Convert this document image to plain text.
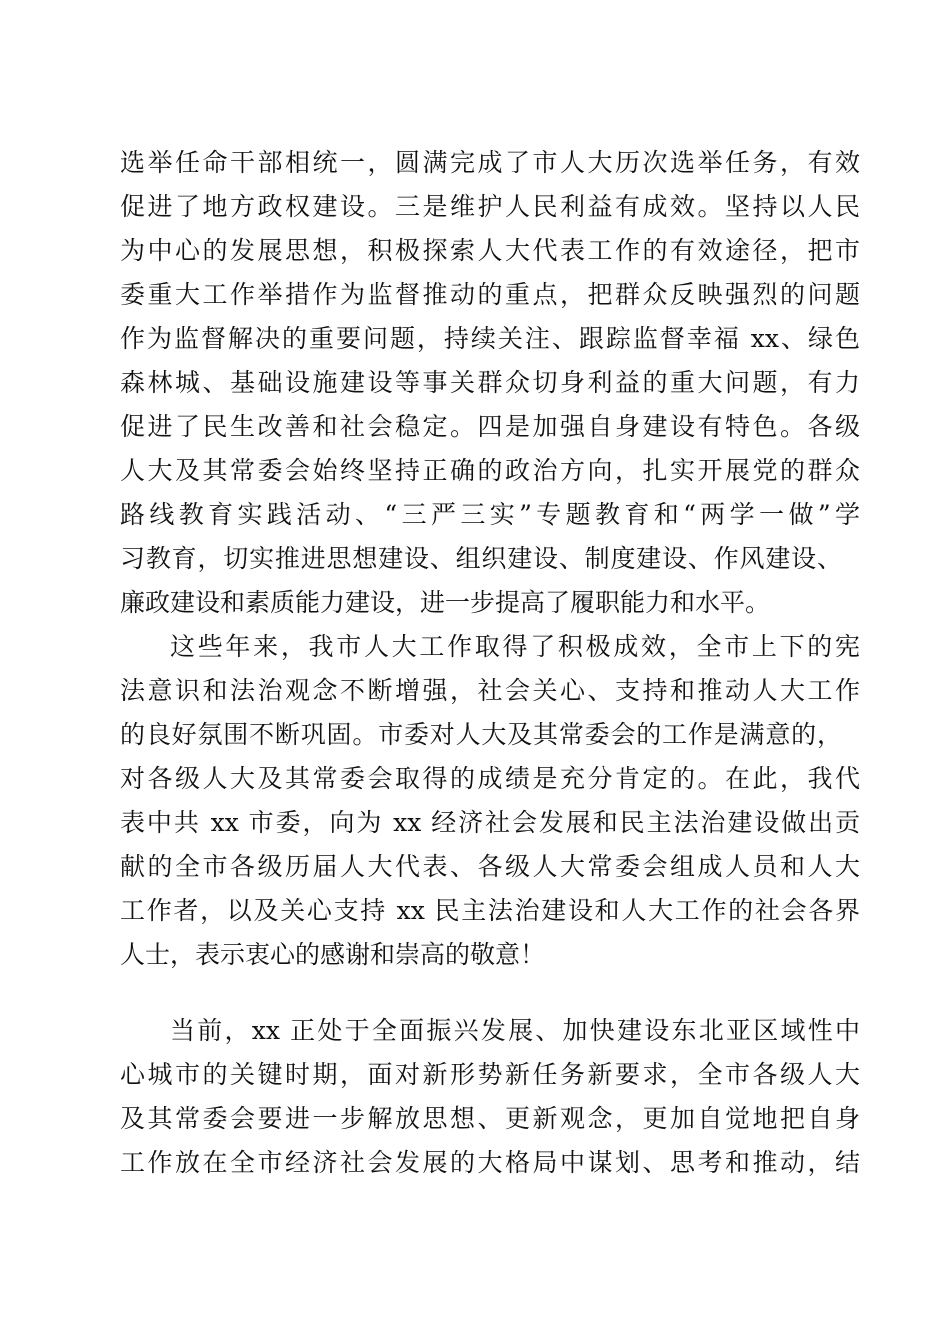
选举任命干部相统一，圆满完成了市人大历次选举任务，有效
促进了地方政权建设。三是维护人民利益有成效。坚持以人民
为中心的发展思想，积极探索人大代表工作的有效途径，把市
委重大工作举措作为监督推动的重点，把群众反映强烈的问题
作为监督解决的重要问题，持续关注、跟踪监督幸福 xx、绿色
森林城、基础设施建设等事关群众切身利益的重大问题，有力
促进了民生改善和社会稳定。四是加强自身建设有特色。各级
人大及其常委会始终坚持正确的政治方向，扎实开展党的群众
路线教育实践活动、“三严三实”专题教育和“两学一做”学
习教育，切实推进思想建设、组织建设、制度建设、作风建设、
廉政建设和素质能力建设，进一步提高了履职能力和水平。
这些年来，我市人大工作取得了积极成效，全市上下的宪
法意识和法治观念不断增强，社会关心、支持和推动人大工作
的良好氛围不断巩固。市委对人大及其常委会的工作是满意的，
对各级人大及其常委会取得的成绩是充分肯定的。在此，我代
表中共 xx 市委，向为 xx 经济社会发展和民主法治建设做出贡
献的全市各级历届人大代表、各级人大常委会组成人员和人大
工作者，以及关心支持 xx 民主法治建设和人大工作的社会各界
人士，表示衷心的感谢和崇高的敬意！
当前，xx 正处于全面振兴发展、加快建设东北亚区域性中
心城市的关键时期，面对新形势新任务新要求，全市各级人大
及其常委会要进一步解放思想、更新观念，更加自觉地把自身
工作放在全市经济社会发展的大格局中谋划、思考和推动，结
